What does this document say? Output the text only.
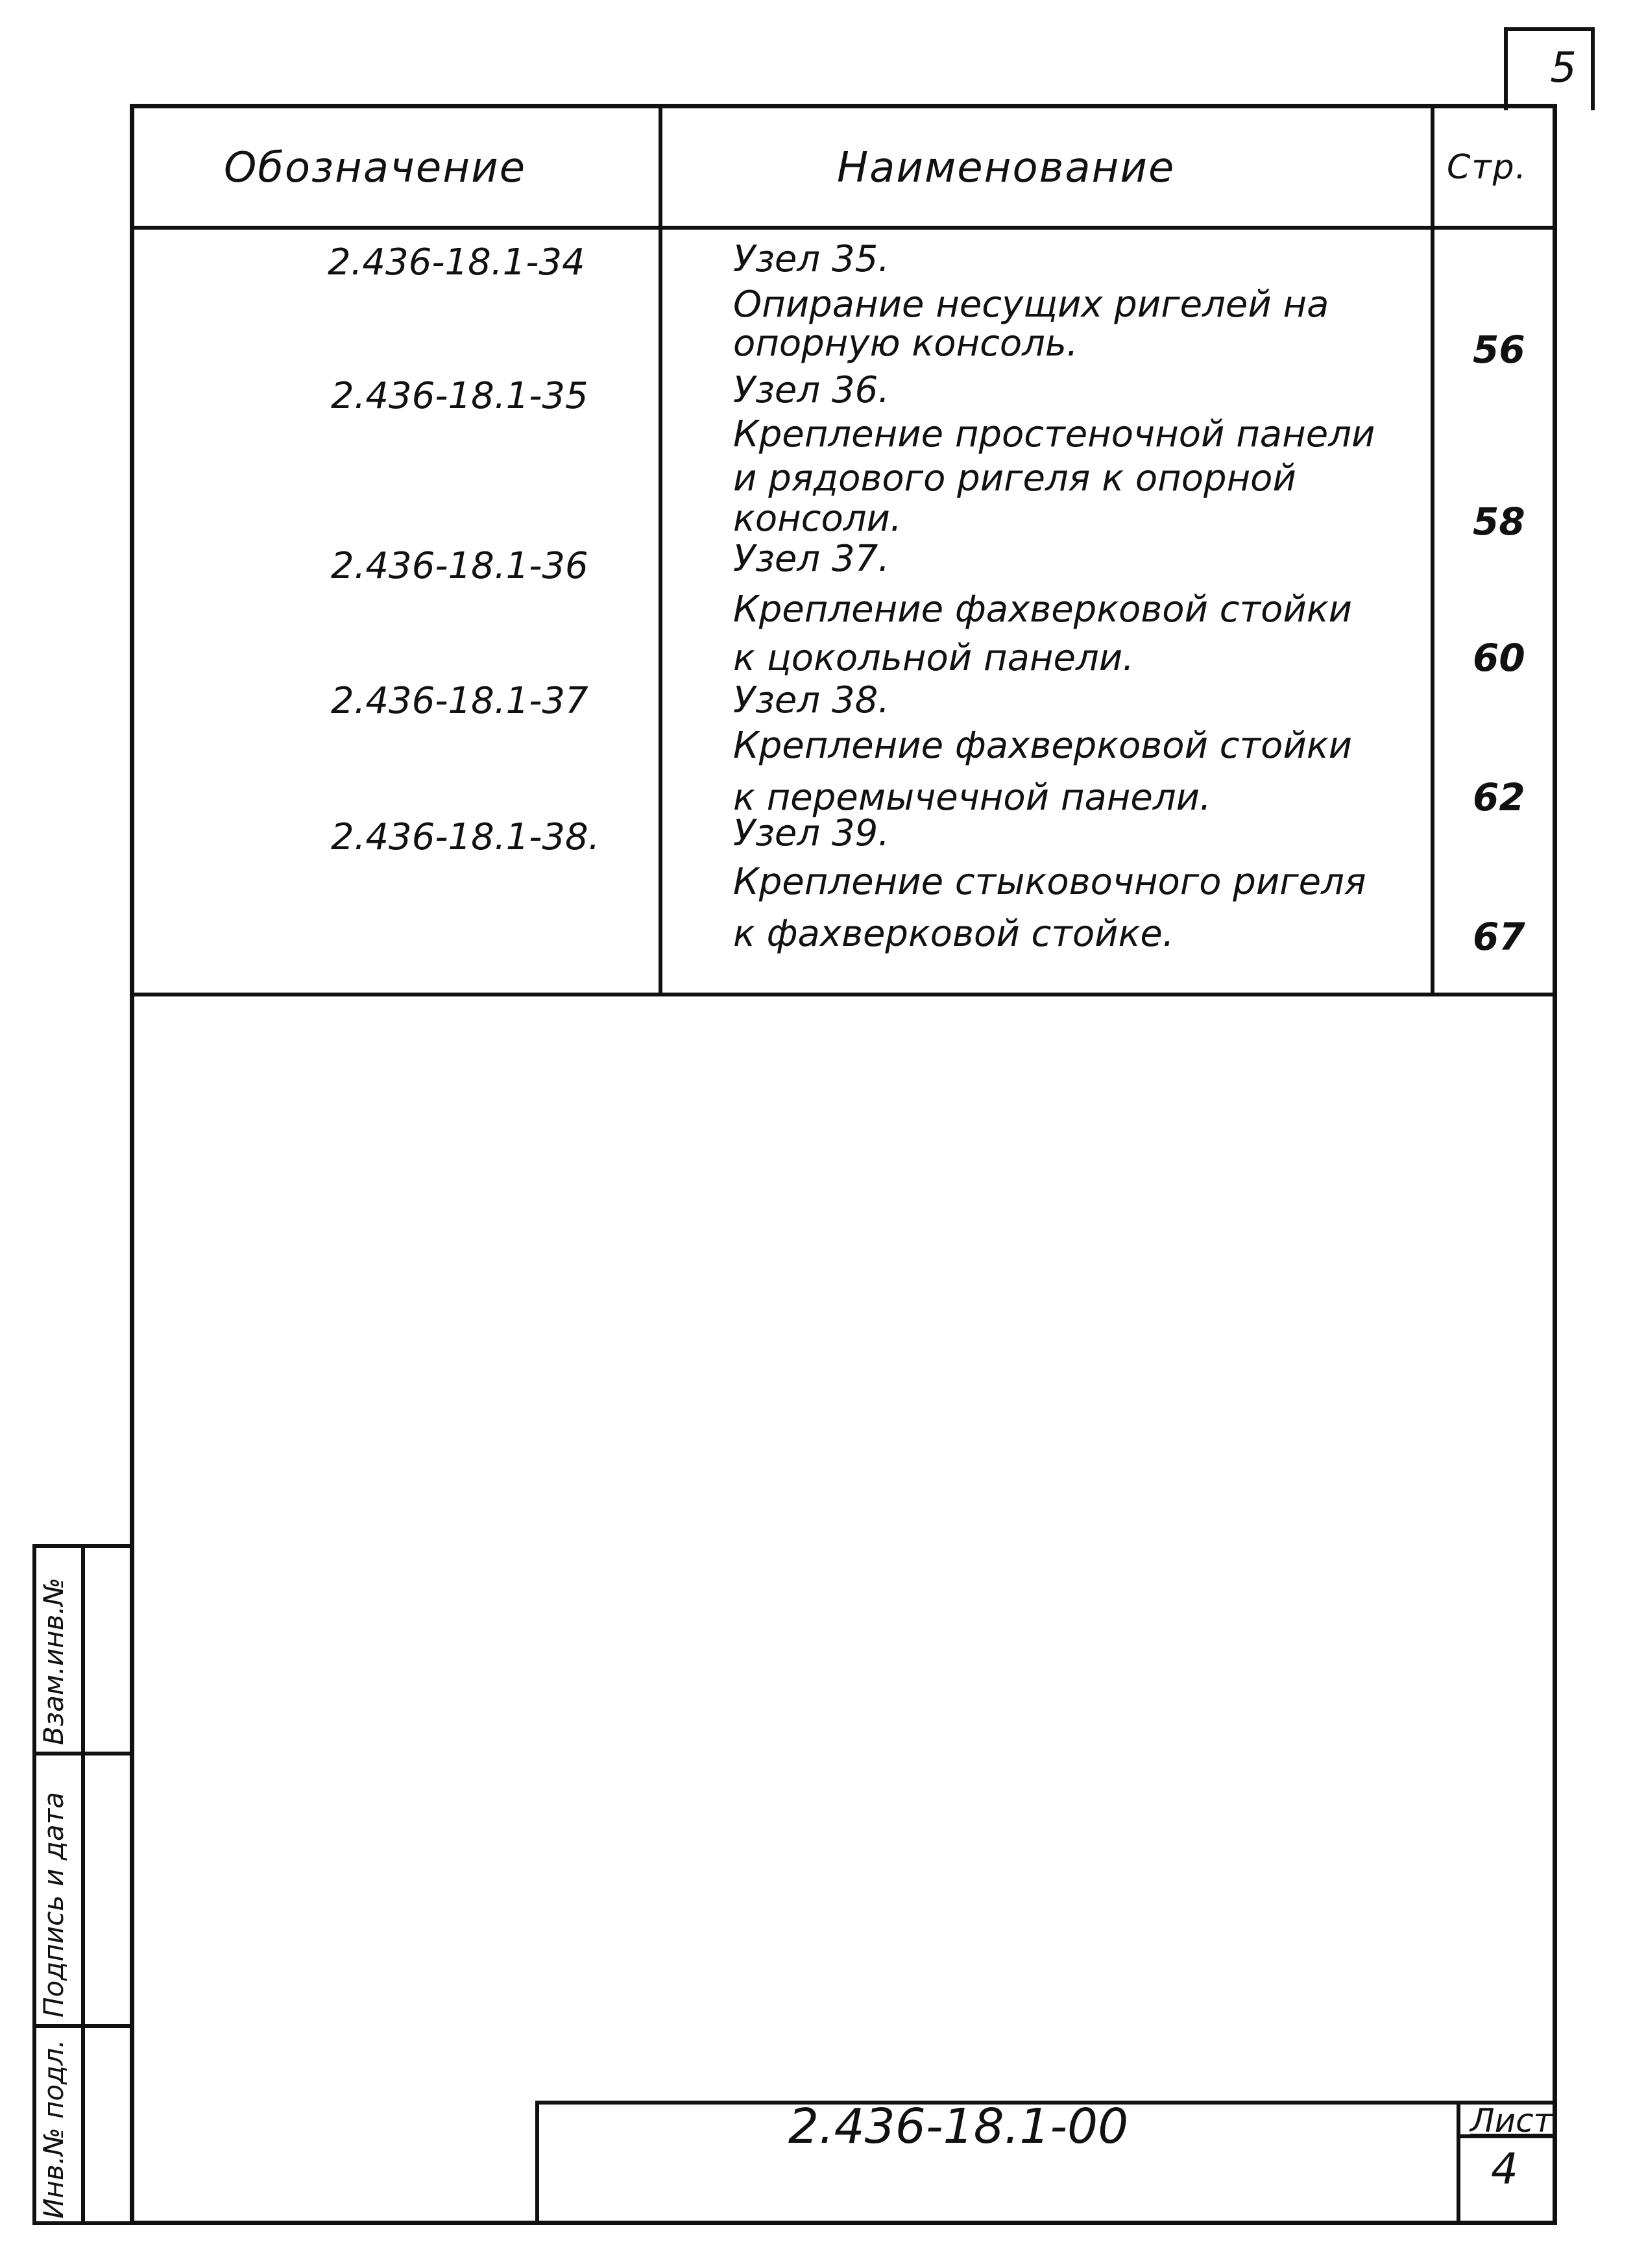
5
Обозначение	Наименование	Стр.
2.436-18.1-34	Узел 35.
Опирание несущих ригелей на
опорную консоль.	56
2.436-18.1-35	Узел 36.
Крепление простеночной панели
и рядового ригеля к опорной
консоли.	58
2.436-18.1-36	Узел 37.
Крепление фахверковой стойки
к цокольной панели.	60
2.436-18.1-37	Узел 38.
Крепление фахверковой стойки
к перемычечной панели.	62
2.436-18.1-38.	Узел 39.
Крепление стыковочного ригеля
к фахверковой стойке.	67
Взам.инв.№
Подпись и дата
Инв.№ подл.	2.436-18.1-00	Лист
4
